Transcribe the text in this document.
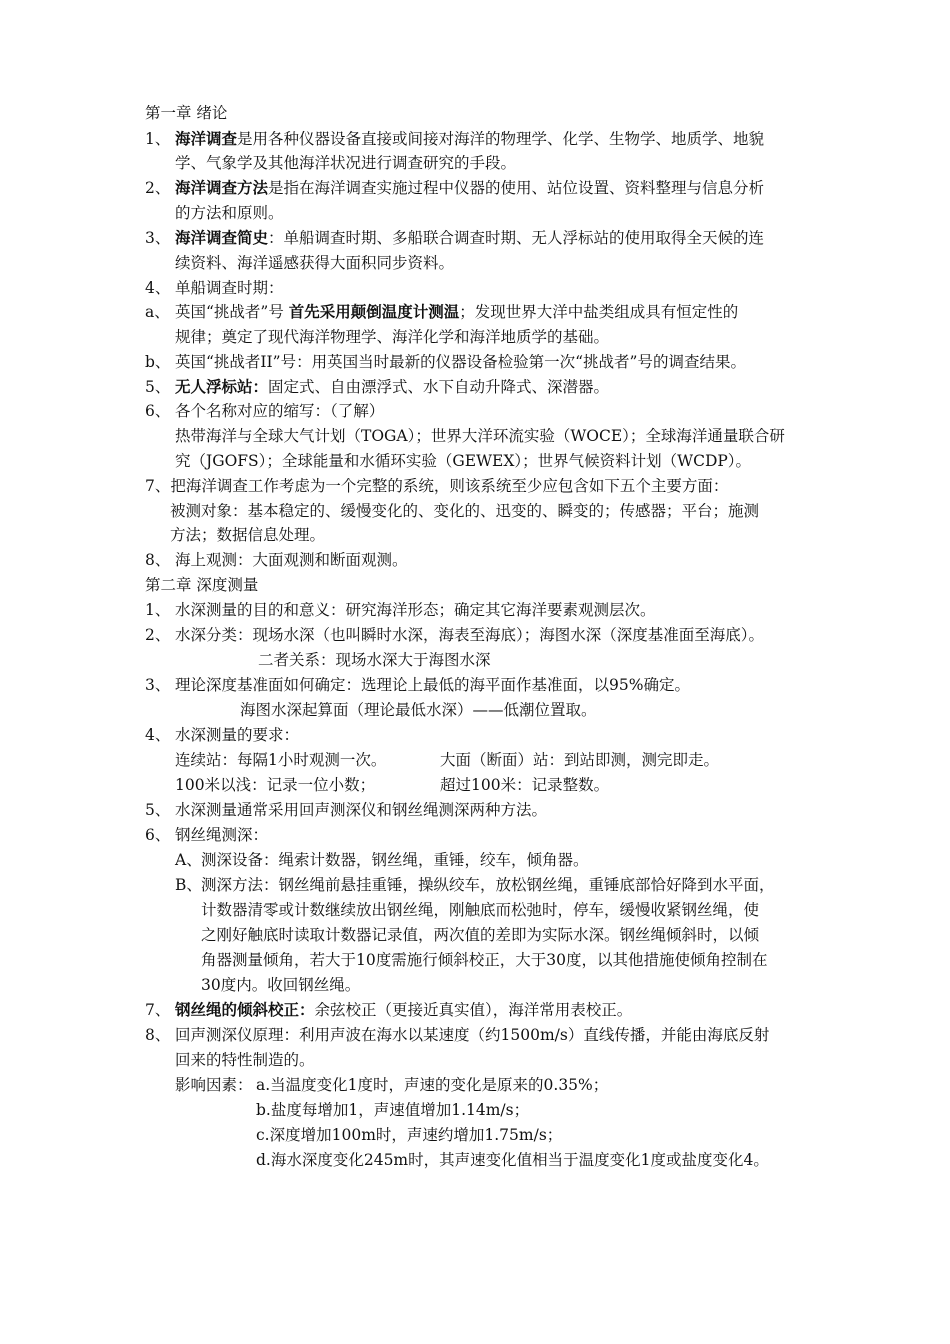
第一章 绪论
1、 海洋调查是用各种仪器设备直接或间接对海洋的物理学、化学、生物学、地质学、地貌
学、气象学及其他海洋状况进行调查研究的手段。
2、 海洋调查方法是指在海洋调查实施过程中仪器的使用、站位设置、资料整理与信息分析
的方法和原则。
3、 海洋调查简史：单船调查时期、多船联合调查时期、无人浮标站的使用取得全天候的连
续资料、海洋遥感获得大面积同步资料。
4、 单船调查时期：
a、 英国“挑战者”号 首先采用颠倒温度计测温；发现世界大洋中盐类组成具有恒定性的
规律；奠定了现代海洋物理学、海洋化学和海洋地质学的基础。
b、 英国“挑战者II”号：用英国当时最新的仪器设备检验第一次“挑战者”号的调查结果。
5、 无人浮标站：固定式、自由漂浮式、水下自动升降式、深潜器。
6、 各个名称对应的缩写：（了解）
热带海洋与全球大气计划（TOGA）；世界大洋环流实验（WOCE）；全球海洋通量联合研
究（JGOFS）；全球能量和水循环实验（GEWEX）；世界气候资料计划（WCDP）。
7、把海洋调查工作考虑为一个完整的系统，则该系统至少应包含如下五个主要方面：
被测对象：基本稳定的、缓慢变化的、变化的、迅变的、瞬变的；传感器；平台；施测
方法；数据信息处理。
8、 海上观测：大面观测和断面观测。
第二章 深度测量
1、 水深测量的目的和意义：研究海洋形态；确定其它海洋要素观测层次。
2、 水深分类：现场水深（也叫瞬时水深，海表至海底）；海图水深（深度基准面至海底）。
二者关系：现场水深大于海图水深
3、 理论深度基准面如何确定：选理论上最低的海平面作基准面，以95%确定。
海图水深起算面（理论最低水深）——低潮位置取。
4、 水深测量的要求：
连续站：每隔1小时观测一次。	大面（断面）站：到站即测，测完即走。
100米以浅：记录一位小数；	超过100米：记录整数。
5、 水深测量通常采用回声测深仪和钢丝绳测深两种方法。
6、 钢丝绳测深：
A、 测深设备：绳索计数器，钢丝绳，重锤，绞车，倾角器。
B、 测深方法：钢丝绳前悬挂重锤，操纵绞车，放松钢丝绳，重锤底部恰好降到水平面，
计数器清零或计数继续放出钢丝绳，刚触底而松弛时，停车，缓慢收紧钢丝绳，使
之刚好触底时读取计数器记录值，两次值的差即为实际水深。钢丝绳倾斜时，以倾
角器测量倾角，若大于10度需施行倾斜校正，大于30度，以其他措施使倾角控制在
30度内。收回钢丝绳。
7、 钢丝绳的倾斜校正：余弦校正（更接近真实值），海洋常用表校正。
8、 回声测深仪原理：利用声波在海水以某速度（约1500m/s）直线传播，并能由海底反射
回来的特性制造的。
影响因素： a.当温度变化1度时，声速的变化是原来的0.35%；
b.盐度每增加1，声速值增加1.14m/s；
c.深度增加100m时，声速约增加1.75m/s；
d.海水深度变化245m时，其声速变化值相当于温度变化1度或盐度变化4。
